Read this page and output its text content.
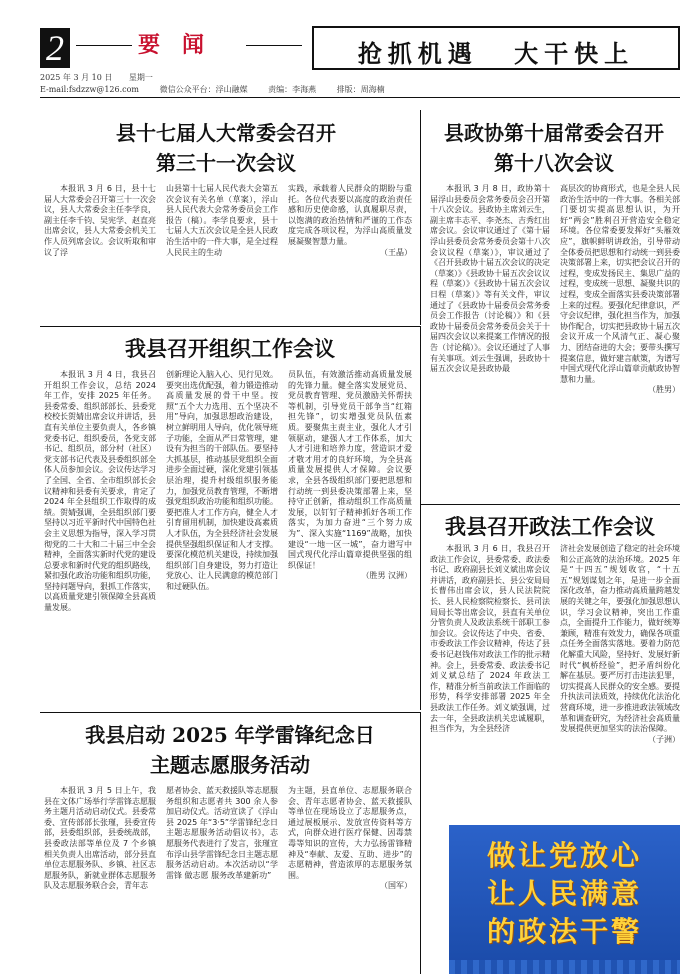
2	要闻	抢抓机遇 大干快上
2025 年 3 月 10 日 星期一
E-mail:fsdzzw@126.com	微信公众平台：浮山融媒	责编：李海燕	排版：周海楠
县十七届人大常委会召开
第三十一次会议

本报讯 3 月 6 日，县十七届人大常委会召开第三十一次会议，县人大常委会主任李学良，副主任李千钧、吴宪学、赵直亮出席会议，县人大常委会机关工作人员列席会议。会议听取和审议了浮

山县第十七届人民代表大会第五次会议有关名单（草案），浮山县人民代表大会常务委员会工作报告（稿）。李学良要求，县十七届人大五次会议是全县人民政治生活中的一件大事，是全过程人民民主的生动

实践，承载着人民群众的期盼与重托。各位代表要以高度的政治责任感和历史使命感，认真履职尽责，以饱满的政治热情和严谨的工作态度完成各项议程，为浮山高质量发展凝聚智慧力量。

（王晶）
县政协第十届常委会召开
第十八次会议

本报讯 3 月 8 日，政协第十届浮山县委员会常务委员会召开第十八次会议。县政协主席刘云生，副主席丰志平、李尧杰、吉秀红出席会议。会议审议通过了《第十届浮山县委员会常务委员会第十八次会议议程（草案）》，审议通过了《召开县政协十届五次会议的决定（草案）》《县政协十届五次会议议程（草案）》《县政协十届五次会议日程（草案）》等有关文件，审议通过了《县政协十届委员会常务委员会工作报告（讨论稿）》和《县政协十届委员会常务委员会关于十届四次会议以来提案工作情况的报告（讨论稿）》。会议还通过了人事有关事项。刘云生强调，县政协十届五次会议是县政协最

高层次的协商形式，也是全县人民政治生活中的一件大事。各相关部门要切实提高思想认识，为开好“两会”胜利召开营造安全稳定环境。各位常委要发挥好“头雁效应”，旗帜鲜明讲政治，引导带动全体委员把思想和行动统一到县委决策部署上来，切实把会议召开的过程，变成发扬民主、集思广益的过程，变成统一思想、凝聚共识的过程，变成全面落实县委决策部署上来的过程。要强化纪律意识，严守会议纪律，强化担当作为，加强协作配合，切实把县政协十届五次会议开成一个风清气正、凝心聚力、团结奋进的大会；要带头撰写提案信息，做好建言献策，为谱写中国式现代化浮山篇章贡献政协智慧和力量。

（胜男）
我县召开组织工作会议

本报讯 3 月 4 日，我县召开组织工作会议，总结 2024 年工作，安排 2025 年任务。县委常委、组织部部长、县委党校校长贺婧出席会议并讲话，县直有关单位主要负责人，各乡镇党委书记、组织委员，各党支部书记、组织员，部分村（社区）党支部书记代表及县委组织部全体人员参加会议。会议传达学习了全国、全省、全市组织部长会议精神和县委有关要求，肯定了 2024 年全县组织工作取得的成绩。贺婧强调，全县组织部门要坚持以习近平新时代中国特色社会主义思想为指导，深入学习贯彻党的二十大和二十届三中全会精神，全面落实新时代党的建设总要求和新时代党的组织路线，紧扣强化政治功能和组织功能，坚持问题导向，狠抓工作落实，以高质量党建引领保障全县高质量发展。

创新理论入脑入心、见行见效。要突出选优配强，着力锻造推动高质量发展的骨干中坚。按照“五个大力选用、五个坚决不用”导向，加强思想政治建设，树立鲜明用人导向，优化领导班子功能，全面从严日常管理，建设有为担当的干部队伍。要坚持大抓基层，推动基层党组织全面进步全面过硬，深化党建引领基层治理，提升村级组织服务能力，加强党员教育管理，不断增强党组织政治功能和组织功能。要把准人才工作方向，健全人才引育留用机制，加快建设高素质人才队伍，为全县经济社会发展提供坚强组织保证和人才支撑。要深化模范机关建设，持续加强组织部门自身建设，努力打造让党放心、让人民满意的模范部门和过硬队伍。

员队伍，有效激活推动高质量发展的先锋力量。健全落实发展党员、党员教育管理、党员激励关怀帮扶等机制，引导党员干部争当“红箱担先锋”，切实增强党员队伍素质。要聚焦主责主业，强化人才引领驱动，建强人才工作体系，加大人才引进和培养力度，营造识才爱才敬才用才的良好环境，为全县高质量发展提供人才保障。会议要求，全县各级组织部门要把思想和行动统一到县委决策部署上来，坚持守正创新，推动组织工作高质量发展，以钉钉子精神抓好各项工作落实，为加力奋进“三个努力成为”、深入实施“1169”战略，加快建设“一地一区一城”，奋力谱写中国式现代化浮山篇章提供坚强的组织保证！

（胜男 汉洲）
我县召开政法工作会议

本报讯 3 月 6 日，我县召开政法工作会议，县委常委、政法委书记、政府副县长刘义斌出席会议并讲话，政府副县长、县公安局局长曹伟出席会议，县人民法院院长、县人民检察院检察长、县司法局局长等出席会议，县直有关单位分管负责人及政法系统干部职工参加会议。会议传达了中央、省委、市委政法工作会议精神，传达了县委书记赵钱伟对政法工作的批示精神。会上，县委常委、政法委书记刘义斌总结了 2024 年政法工作，精准分析当前政法工作面临的形势，科学安排部署 2025 年全县政法工作任务。刘义斌强调，过去一年，全县政法机关忠诚履职，担当作为，为全县经济

济社会发展创造了稳定的社会环境和公正高效的法治环境。2025 年是“十四五”规划收官，“十五五”规划谋划之年，是进一步全面深化改革，奋力推动高质量跨越发展的关键之年，要强化加强思想认识，学习会议精神，突出工作重点，全面提升工作能力，做好统筹兼顾，精准有效发力，确保各项重点任务全面落实落地。要着力防范化解重大风险，坚持好、发展好新时代“枫桥经验”，把矛盾纠纷化解在基层。要严厉打击违法犯罪，切实提高人民群众的安全感。要提升执法司法质效，持续优化法治化营商环境，进一步推进政法领域改革和调查研究，为经济社会高质量发展提供更加坚实的法治保障。

（子洲）
我县启动 2025 年学雷锋纪念日
主题志愿服务活动

本报讯 3 月 5 日上午，我县在文体广场举行学雷锋志愿服务主题月活动启动仪式。县委常委、宣传部部长张瑾，县委宣传部，县委组织部，县委统战部，县委政法部等单位及 7 个乡镇相关负责人出席活动，部分县直单位志愿服务队、乡镇、社区志愿服务队，新就业群体志愿服务队及志愿服务联合会，青年志

愿者协会、蓝天救援队等志愿服务组织和志愿者共 300 余人参加启动仪式。活动宣读了《浮山县 2025 年“3·5”学雷锋纪念日主题志愿服务活动倡议书》，志愿服务代表进行了发言，张瑾宣布浮山县学雷锋纪念日主题志愿服务活动启动。本次活动以“学雷锋 做志愿 服务改革建新功”

为主题，县直单位、志愿服务联合会、青年志愿者协会、蓝天救援队等单位在现场设立了志愿服务点，通过展板展示、发放宣传资料等方式，向群众进行医疗保健、因毒禁毒等知识的宣传，大力弘扬雷锋精神及“奉献、友爱、互助、进步”的志愿精神，营造浓厚的志愿服务氛围。

（国军）
做让党放心
让人民满意
的政法干警
